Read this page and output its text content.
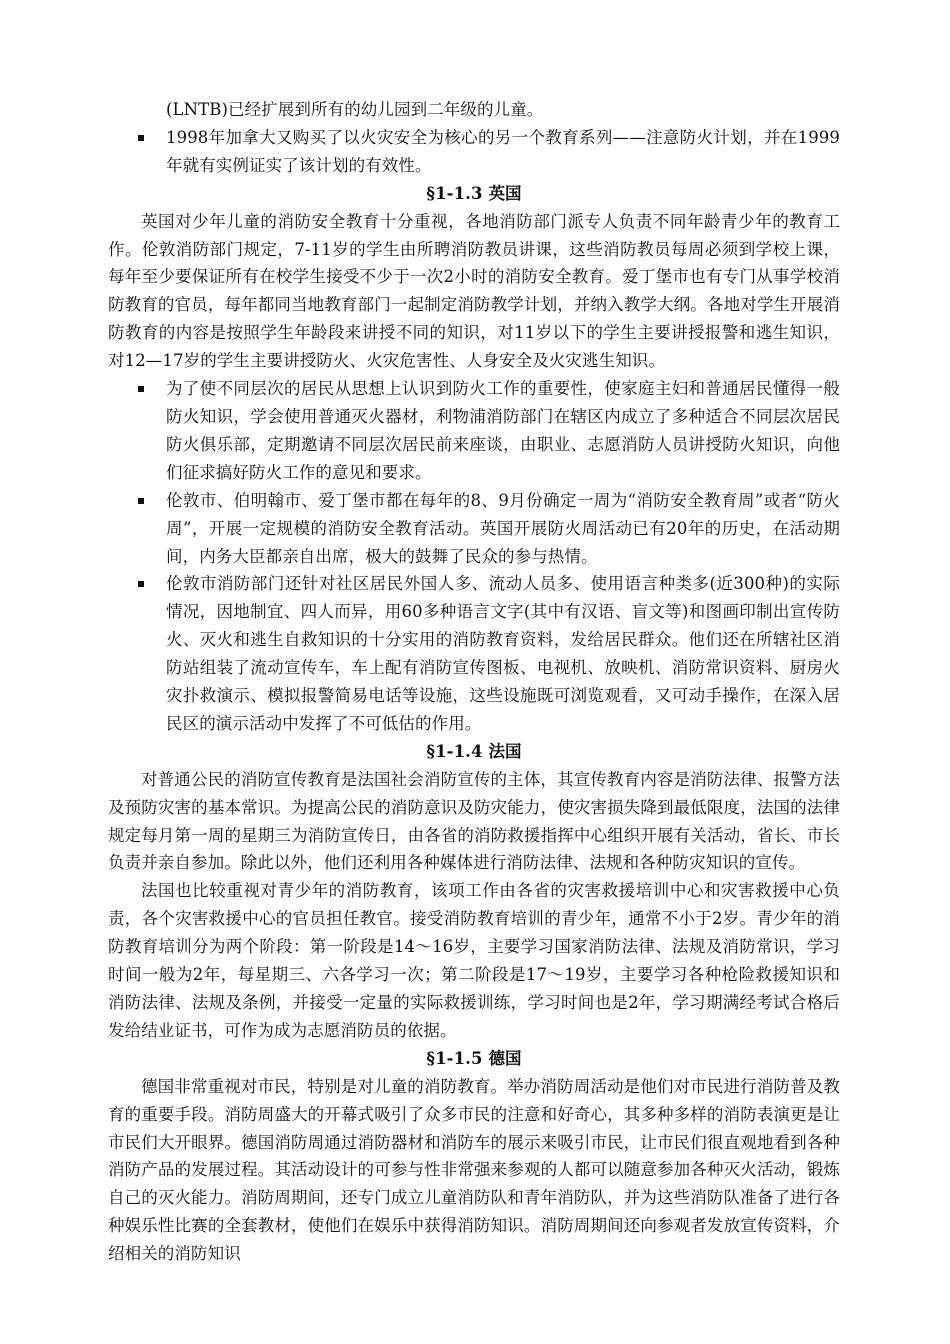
(LNTB)已经扩展到所有的幼儿园到二年级的儿童。

1998年加拿大又购买了以火灾安全为核心的另一个教育系列——注意防火计划，并在1999年就有实例证实了该计划的有效性。
§1-1.3 英国

英国对少年儿童的消防安全教育十分重视，各地消防部门派专人负责不同年龄青少年的教育工作。伦敦消防部门规定，7-11岁的学生由所聘消防教员讲课，这些消防教员每周必须到学校上课，每年至少要保证所有在校学生接受不少于一次2小时的消防安全教育。爱丁堡市也有专门从事学校消防教育的官员，每年都同当地教育部门一起制定消防教学计划，并纳入教学大纲。各地对学生开展消防教育的内容是按照学生年龄段来讲授不同的知识，对11岁以下的学生主要讲授报警和逃生知识，对12—17岁的学生主要讲授防火、火灾危害性、人身安全及火灾逃生知识。

为了使不同层次的居民从思想上认识到防火工作的重要性，使家庭主妇和普通居民懂得一般防火知识，学会使用普通灭火器材，利物浦消防部门在辖区内成立了多种适合不同层次居民防火俱乐部，定期邀请不同层次居民前来座谈，由职业、志愿消防人员讲授防火知识，向他们征求搞好防火工作的意见和要求。
伦敦市、伯明翰市、爱丁堡市都在每年的8、9月份确定一周为“消防安全教育周”或者“防火周”，开展一定规模的消防安全教育活动。英国开展防火周活动已有20年的历史，在活动期间，内务大臣都亲自出席，极大的鼓舞了民众的参与热情。
伦敦市消防部门还针对社区居民外国人多、流动人员多、使用语言种类多(近300种)的实际情况，因地制宜、四人而异，用60多种语言文字(其中有汉语、盲文等)和图画印制出宣传防火、灭火和逃生自救知识的十分实用的消防教育资料，发给居民群众。他们还在所辖社区消防站组装了流动宣传车，车上配有消防宣传图板、电视机、放映机、消防常识资料、厨房火灾扑救演示、模拟报警简易电话等设施，这些设施既可浏览观看，又可动手操作，在深入居民区的演示活动中发挥了不可低估的作用。
§1-1.4 法国

对普通公民的消防宣传教育是法国社会消防宣传的主体，其宣传教育内容是消防法律、报警方法及预防灾害的基本常识。为提高公民的消防意识及防灾能力，使灾害损失降到最低限度，法国的法律规定每月第一周的星期三为消防宣传日，由各省的消防救援指挥中心组织开展有关活动，省长、市长负责并亲自参加。除此以外，他们还利用各种媒体进行消防法律、法规和各种防灾知识的宣传。

法国也比较重视对青少年的消防教育，该项工作由各省的灾害救援培训中心和灾害救援中心负责，各个灾害救援中心的官员担任教官。接受消防教育培训的青少年，通常不小于2岁。青少年的消防教育培训分为两个阶段：第一阶段是14～16岁，主要学习国家消防法律、法规及消防常识，学习时间一般为2年，每星期三、六各学习一次；第二阶段是17～19岁，主要学习各种枪险救援知识和消防法律、法规及条例，并接受一定量的实际救援训练，学习时间也是2年，学习期满经考试合格后发给结业证书，可作为成为志愿消防员的依据。

§1-1.5 德国

德国非常重视对市民，特别是对儿童的消防教育。举办消防周活动是他们对市民进行消防普及教育的重要手段。消防周盛大的开幕式吸引了众多市民的注意和好奇心，其多种多样的消防表演更是让市民们大开眼界。德国消防周通过消防器材和消防车的展示来吸引市民，让市民们很直观地看到各种消防产品的发展过程。其活动设计的可参与性非常强来参观的人都可以随意参加各种灭火活动，锻炼自己的灭火能力。消防周期间，还专门成立儿童消防队和青年消防队，并为这些消防队准备了进行各种娱乐性比赛的全套教材，使他们在娱乐中获得消防知识。消防周期间还向参观者发放宣传资料，介绍相关的消防知识
